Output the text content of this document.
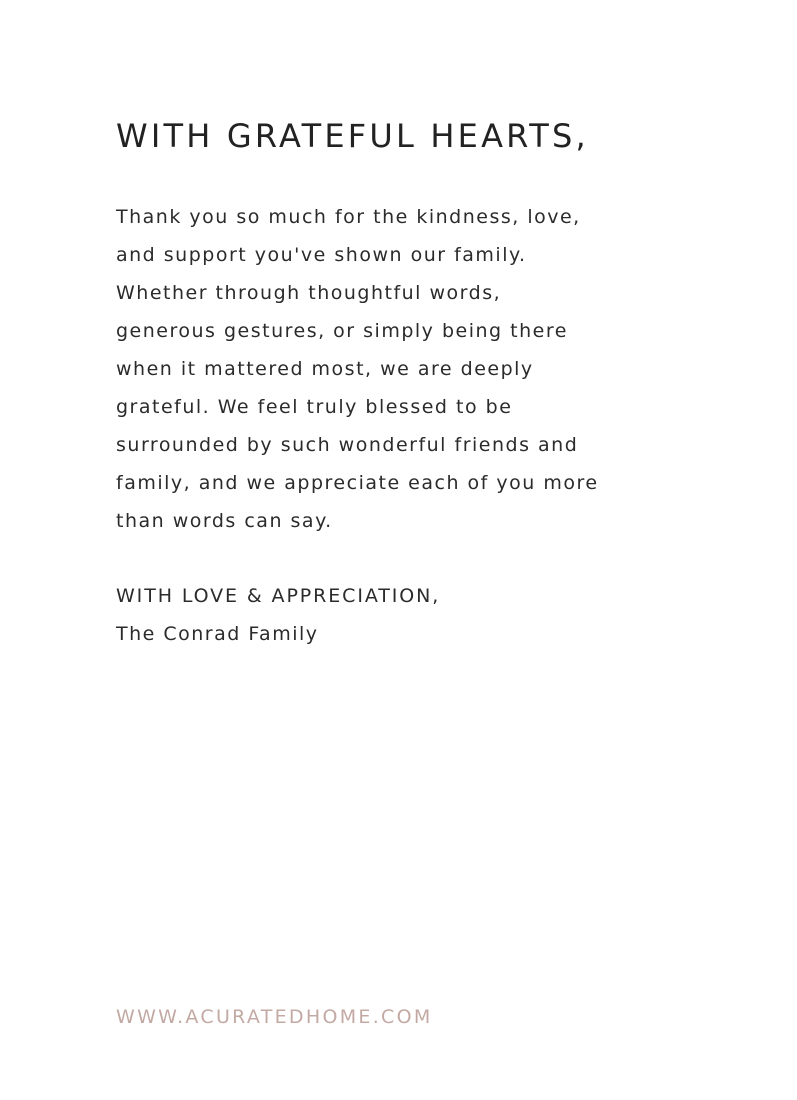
WITH GRATEFUL HEARTS,

Thank you so much for the kindness, love,
and support you've shown our family.
Whether through thoughtful words,
generous gestures, or simply being there
when it mattered most, we are deeply
grateful. We feel truly blessed to be
surrounded by such wonderful friends and
family, and we appreciate each of you more
than words can say.

WITH LOVE & APPRECIATION,
The Conrad Family

WWW.ACURATEDHOME.COM
